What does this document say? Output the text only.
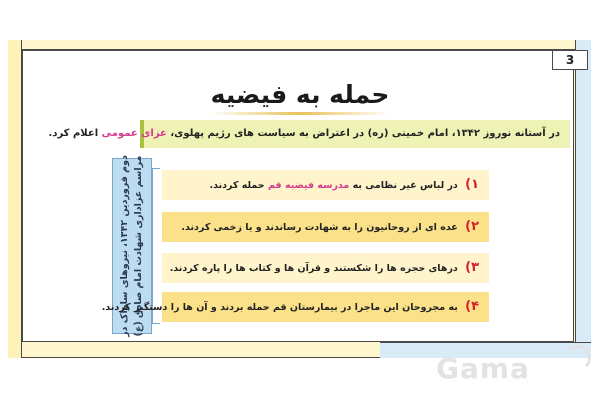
3
حمله به فیضیه
در آستانه نوروز ۱۳۴۲، امام خمینی (ره) در اعتراض به سیاست های رژیم پهلوی، عزای عمومی اعلام کرد.
دوم فروردین ۱۳۴۲، نیروهای ساواک در مراسم عزاداری شهادت امام صادق (ع)	۱) در لباس غیر نظامی به مدرسه فیضیه قم حمله کردند.
۲) عده ای از روحانیون را به شهادت رساندند و یا زخمی کردند.
۳) درهای حجره ها را شکستند و قرآن ها و کتاب ها را پاره کردند.
۴) به مجروحان این ماجرا در بیمارستان قم حمله بردند و آن ها را دستگیر کردند.
Gama
